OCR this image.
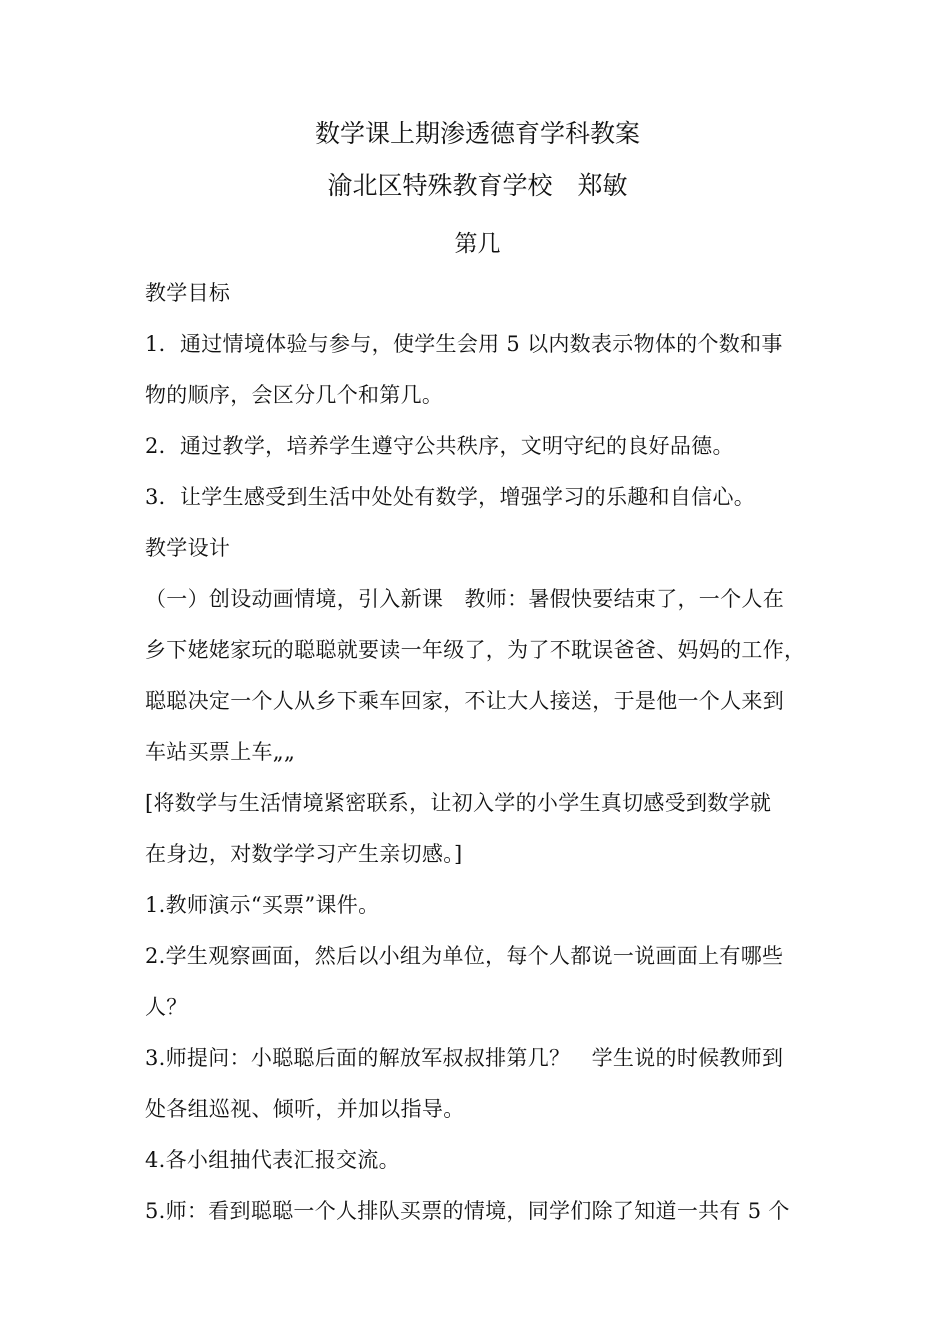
数学课上期渗透德育学科教案
渝北区特殊教育学校　郑敏
第几
教学目标
1．通过情境体验与参与，使学生会用 5 以内数表示物体的个数和事
物的顺序，会区分几个和第几。
2．通过教学，培养学生遵守公共秩序，文明守纪的良好品德。
3．让学生感受到生活中处处有数学，增强学习的乐趣和自信心。
教学设计
（一）创设动画情境，引入新课　教师：暑假快要结束了，一个人在
乡下姥姥家玩的聪聪就要读一年级了，为了不耽误爸爸、妈妈的工作，
聪聪决定一个人从乡下乘车回家，不让大人接送，于是他一个人来到
车站买票上车„„
[将数学与生活情境紧密联系，让初入学的小学生真切感受到数学就
在身边，对数学学习产生亲切感。]
1.教师演示“买票”课件。
2.学生观察画面，然后以小组为单位，每个人都说一说画面上有哪些
人？
3.师提问：小聪聪后面的解放军叔叔排第几？　学生说的时候教师到
处各组巡视、倾听，并加以指导。
4.各小组抽代表汇报交流。
5.师：看到聪聪一个人排队买票的情境，同学们除了知道一共有 5 个
